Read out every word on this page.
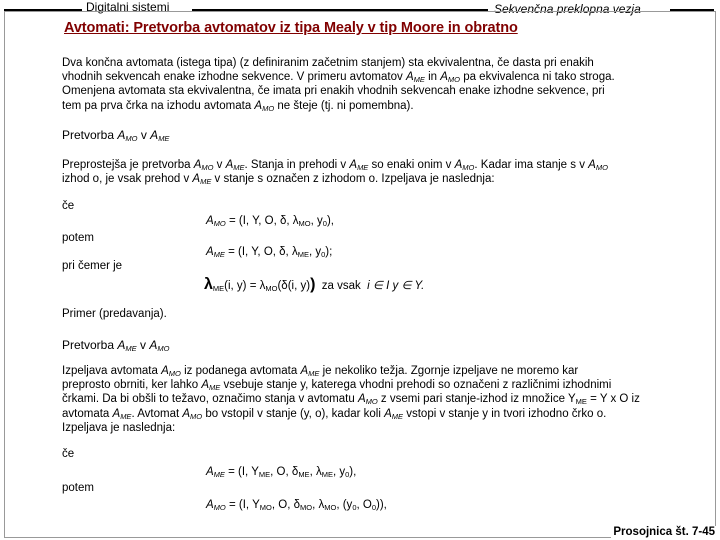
Digitalni sistemi	Sekvenčna preklopna vezja
Avtomati: Pretvorba avtomatov iz tipa Mealy v tip Moore in obratno
Dva končna avtomata (istega tipa) (z definiranim začetnim stanjem) sta ekvivalentna, če dasta pri enakih
vhodnih sekvencah enake izhodne sekvence. V primeru avtomatov $A_{ME}$ in $A_{MO}$ pa ekvivalenca ni tako stroga.
Omenjena avtomata sta ekvivalentna, če imata pri enakih vhodnih sekvencah enake izhodne sekvence, pri
tem pa prva črka na izhodu avtomata $A_{MO}$ ne šteje (tj. ni pomembna).
Pretvorba $A_{MO}$ v $A_{ME}$
Preprostejša je pretvorba $A_{MO}$ v $A_{ME}$. Stanja in prehodi v $A_{ME}$ so enaki onim v $A_{MO}$. Kadar ima stanje s v $A_{MO}$
izhod o, je vsak prehod v $A_{ME}$ v stanje s označen z izhodom o. Izpeljava je naslednja:
če
$A_{MO} = (I$, Y, O, δ, $\lambda_{MO}$, $y_0$),
potem
$A_{ME} = (I$, Y, O, δ, $\lambda_{ME}$, $y_0$);
pri čemer je
$\lambda_{ME}(i$, $y) = \lambda_{MO}(\delta(i$, y)) za vsak i ∈ I y ∈ Y.
Primer (predavanja).
Pretvorba $A_{ME}$ v $A_{MO}$
Izpeljava avtomata $A_{MO}$ iz podanega avtomata $A_{ME}$ je nekoliko težja. Zgornje izpeljave ne moremo kar
preprosto obrniti, ker lahko $A_{ME}$ vsebuje stanje y, katerega vhodni prehodi so označeni z različnimi izhodnimi
črkami. Da bi obšli to težavo, označimo stanja v avtomatu $A_{MO}$ z vsemi pari stanje-izhod iz množice $Y_{ME} = Y$ x O iz
avtomata $A_{ME}$. Avtomat $A_{MO}$ bo vstopil v stanje (y, o), kadar koli $A_{ME}$ vstopi v stanje y in tvori izhodno črko o.
Izpeljava je naslednja:
če
$A_{ME} = (I$, $Y_{ME}$, O, $\delta_{ME}$, $\lambda_{ME}$, $y_0$),
potem
$A_{MO} = (I$, $Y_{MO}$, O, $\delta_{MO}$, $\lambda_{MO}$, ($y_0$, $O_0$)),
Prosojnica št. 7-45
